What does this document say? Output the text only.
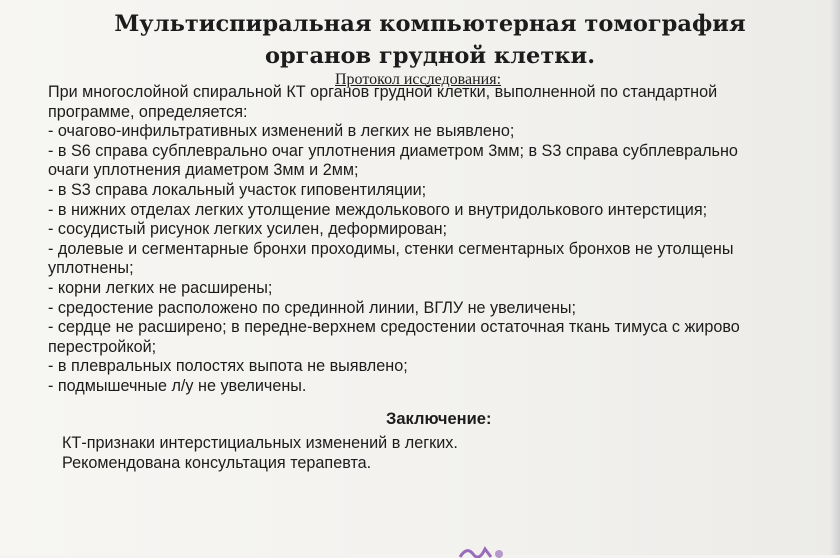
Мультиспиральная компьютерная томография
органов грудной клетки.

Протокол исследования:

При многослойной спиральной КТ органов грудной клетки, выполненной по стандартной
программе, определяется:
- очагово-инфильтративных изменений в легких не выявлено;
- в S6 справа субплеврально очаг уплотнения диаметром 3мм; в S3 справа субплеврально
очаги уплотнения диаметром 3мм и 2мм;
- в S3 справа локальный участок гиповентиляции;
- в нижних отделах легких утолщение междолькового и внутридолькового интерстиция;
- сосудистый рисунок легких усилен, деформирован;
- долевые и сегментарные бронхи проходимы, стенки сегментарных бронхов не утолщены
уплотнены;
- корни легких не расширены;
- средостение расположено по срединной линии, ВГЛУ не увеличены;
- сердце не расширено; в передне-верхнем средостении остаточная ткань тимуса с жирово
перестройкой;
- в плевральных полостях выпота не выявлено;
- подмышечные л/у не увеличены.

Заключение:

КТ-признаки интерстициальных изменений в легких.
Рекомендована консультация терапевта.
